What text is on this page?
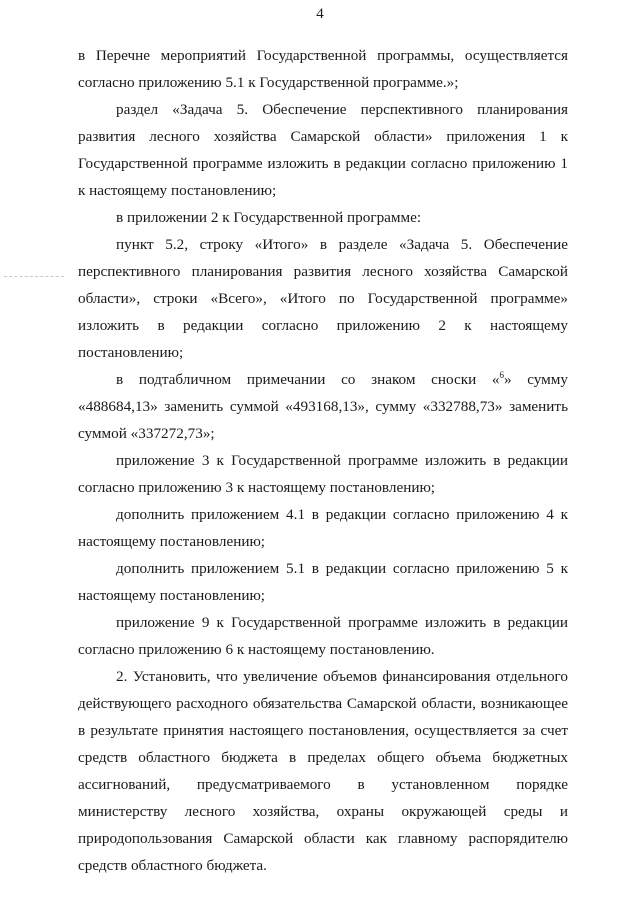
4

в Перечне мероприятий Государственной программы, осуществляется согласно приложению 5.1 к Государственной программе.»;

раздел «Задача 5. Обеспечение перспективного планирования развития лесного хозяйства Самарской области» приложения 1 к Государственной программе изложить в редакции согласно приложению 1 к настоящему постановлению;

в приложении 2 к Государственной программе:

пункт 5.2, строку «Итого» в разделе «Задача 5. Обеспечение перспективного планирования развития лесного хозяйства Самарской области», строки «Всего», «Итого по Государственной программе» изложить в редакции согласно приложению 2 к настоящему постановлению;

в подтабличном примечании со знаком сноски «$^6$» сумму «488684,13» заменить суммой «493168,13», сумму «332788,73» заменить суммой «337272,73»;

приложение 3 к Государственной программе изложить в редакции согласно приложению 3 к настоящему постановлению;

дополнить приложением 4.1 в редакции согласно приложению 4 к настоящему постановлению;

дополнить приложением 5.1 в редакции согласно приложению 5 к настоящему постановлению;

приложение 9 к Государственной программе изложить в редакции согласно приложению 6 к настоящему постановлению.

2. Установить, что увеличение объемов финансирования отдельного действующего расходного обязательства Самарской области, возникающее в результате принятия настоящего постановления, осуществляется за счет средств областного бюджета в пределах общего объема бюджетных ассигнований, предусматриваемого в установленном порядке министерству лесного хозяйства, охраны окружающей среды и природопользования Самарской области как главному распорядителю средств областного бюджета.
